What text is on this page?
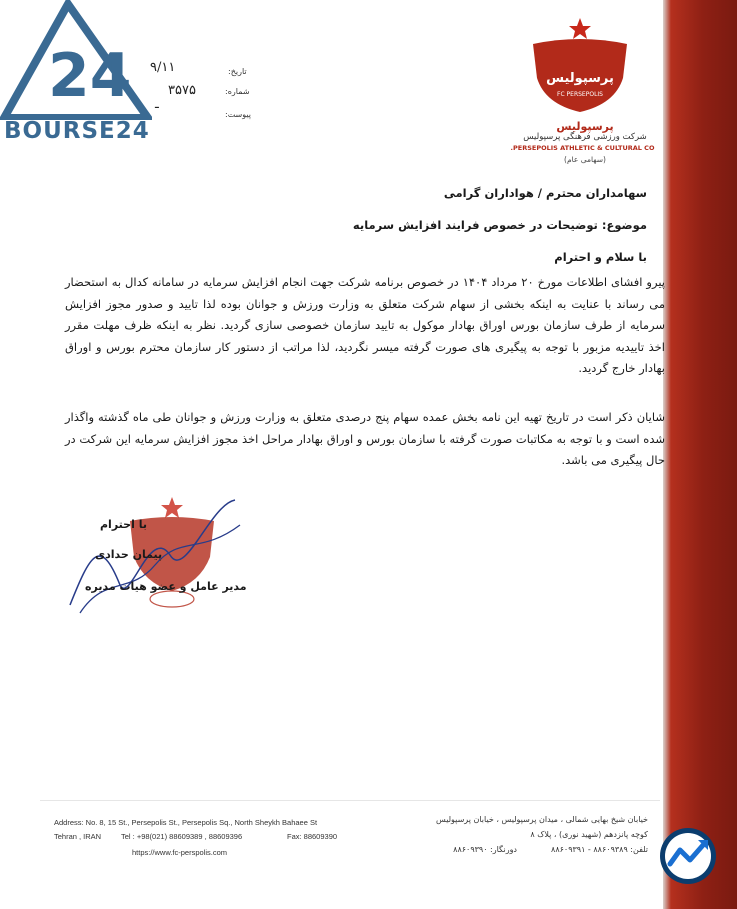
24
BOURSE24
پرسپولیس
FC PERSEPOLIS
پرسپولیس
شرکت ورزشی فرهنگی پرسپولیس
PERSEPOLIS ATHLETIC & CULTURAL CO.
(سهامی عام)
تاریخ:
شماره:
پیوست:
۹/۱۱
۳۵۷۵
ـ
سهامداران محترم / هواداران گرامی
موضوع: توضیحات در خصوص فرایند افزایش سرمایه
با سلام و احترام
پیرو افشای اطلاعات مورخ ۲۰ مرداد ۱۴۰۴ در خصوص برنامه شرکت جهت انجام افزایش سرمایه در سامانه کدال به استحضار می رساند با عنایت به اینکه بخشی از سهام شرکت متعلق به وزارت ورزش و جوانان بوده لذا تایید و صدور مجوز افزایش سرمایه از طرف سازمان بورس اوراق بهادار موکول به تایید سازمان خصوصی سازی گردید. نظر به اینکه ظرف مهلت مقرر اخذ تاییدیه مزبور با توجه به پیگیری های صورت گرفته میسر نگردید، لذا مراتب از دستور کار سازمان محترم بورس و اوراق بهادار خارج گردید.
شایان ذکر است در تاریخ تهیه این نامه بخش عمده سهام پنج درصدی متعلق به وزارت ورزش و جوانان طی ماه گذشته واگذار شده است و با توجه به مکاتبات صورت گرفته با سازمان بورس و اوراق بهادار مراحل اخذ مجوز افزایش سرمایه این شرکت در حال پیگیری می باشد.
با احترام
پیمان حدادی
مدیر عامل و عضو هیات مدیره
Address: No. 8, 15 St., Persepolis St., Persepolis Sq., North Sheykh Bahaee St
Tehran , IRAN	Tel : +98(021) 88609389 , 88609396	Fax: 88609390
https://www.fc-perspolis.com
خیابان شیخ بهایی شمالی ، میدان پرسپولیس ، خیابان پرسپولیس
کوچه پانزدهم (شهید نوری) ، پلاک ۸
تلفن: ۸۸۶۰۹۳۸۹ - ۸۸۶۰۹۳۹۱
دورنگار: ۸۸۶۰۹۳۹۰
